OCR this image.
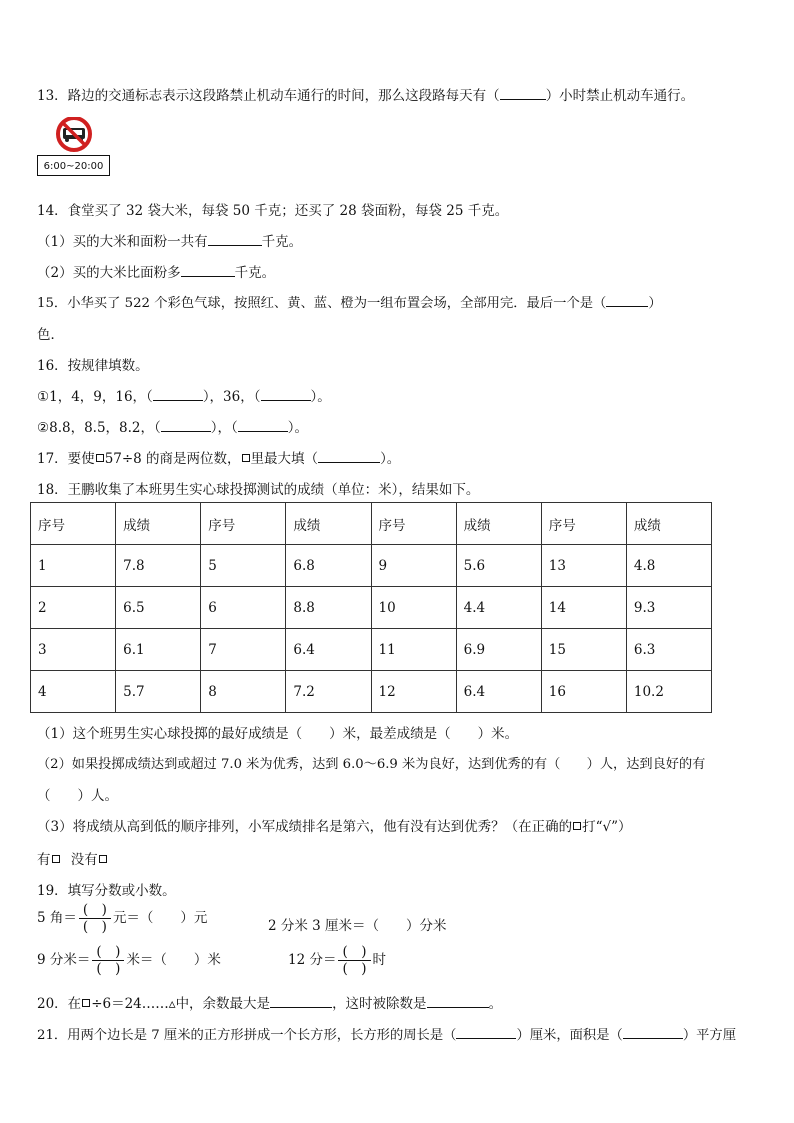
13．路边的交通标志表示这段路禁止机动车通行的时间，那么这段路每天有（	）小时禁止机动车通行。
6:00~20:00
14．食堂买了 32 袋大米，每袋 50 千克；还买了 28 袋面粉，每袋 25 千克。
（1）买的大米和面粉一共有	千克。
（2）买的大米比面粉多	千克。
15．小华买了 522 个彩色气球，按照红、黄、蓝、橙为一组布置会场，全部用完．最后一个是（	）
色．
16．按规律填数。
①1，4，9，16，（	），36，（	）。
②8.8，8.5，8.2，（	），（	）。
17．要使 57÷8 的商是两位数， 里最大填（	）。
18．王鹏收集了本班男生实心球投掷测试的成绩（单位：米），结果如下。
序号	成绩	序号	成绩	序号	成绩	序号	成绩
1	7.8	5	6.8	9	5.6	13	4.8
2	6.5	6	8.8	10	4.4	14	9.3
3	6.1	7	6.4	11	6.9	15	6.3
4	5.7	8	7.2	12	6.4	16	10.2
（1）这个班男生实心球投掷的最好成绩是（　　）米，最差成绩是（　　）米。
（2）如果投掷成绩达到或超过 7.0 米为优秀，达到 6.0～6.9 米为良好，达到优秀的有（　　）人，达到良好的有
（　　）人。
（3）将成绩从高到低的顺序排列，小军成绩排名是第六，他有没有达到优秀？（在正确的 打“√”）
有 没有
19．填写分数或小数。
5 角＝ $\frac{( )}{( )}$ 元＝（　　）元	2 分米 3 厘米＝（　　）分米
9 分米＝ $\frac{( )}{( )}$ 米＝（　　）米	12 分＝ $\frac{( )}{( )}$ 时
20．在 ÷6＝24……▵中，余数最大是	，这时被除数是	。
21．用两个边长是 7 厘米的正方形拼成一个长方形，长方形的周长是（	）厘米，面积是（	）平方厘
